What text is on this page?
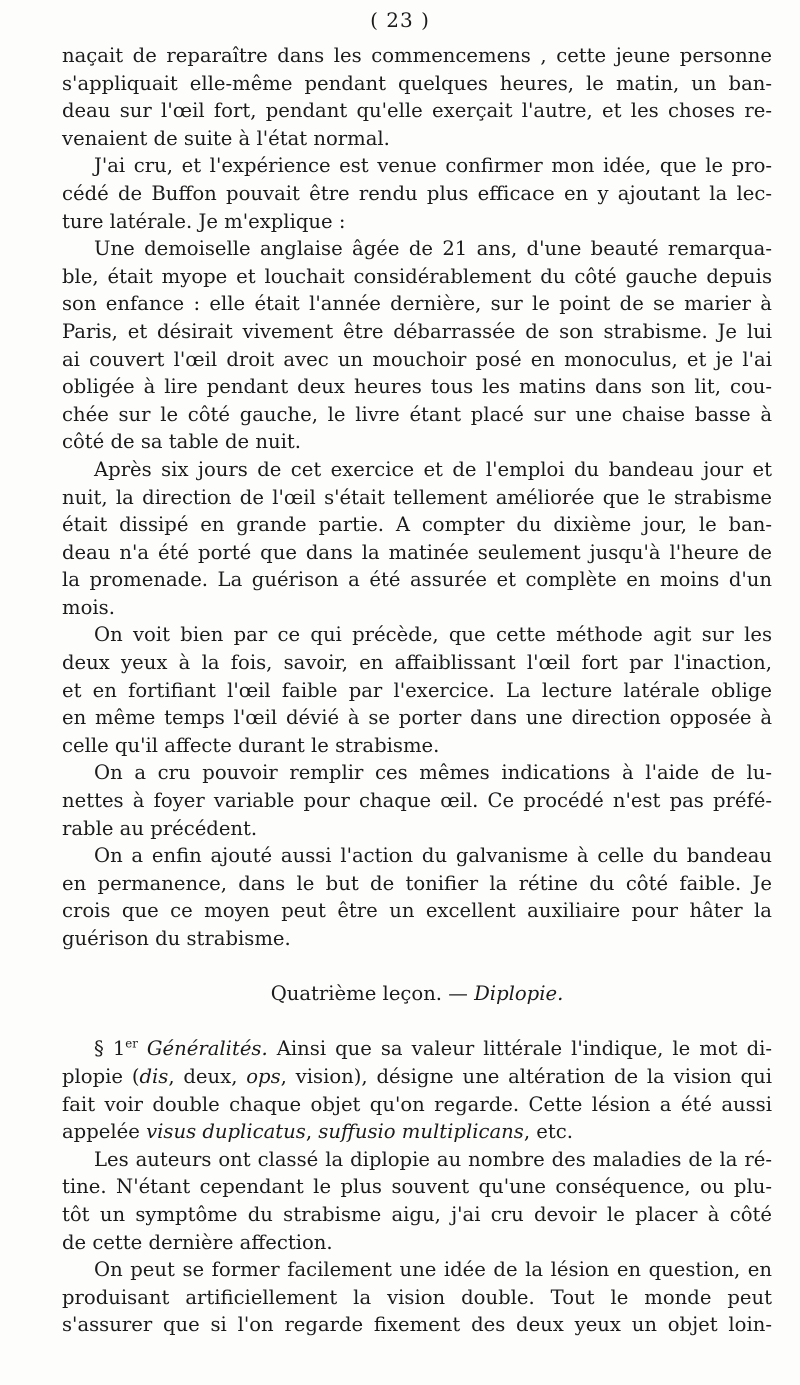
( 23 )
naçait de reparaître dans les commencemens , cette jeune personne
s'appliquait elle-même pendant quelques heures, le matin, un ban-
deau sur l'œil fort, pendant qu'elle exerçait l'autre, et les choses re-
venaient de suite à l'état normal.
J'ai cru, et l'expérience est venue confirmer mon idée, que le pro-
cédé de Buffon pouvait être rendu plus efficace en y ajoutant la lec-
ture latérale. Je m'explique :
Une demoiselle anglaise âgée de 21 ans, d'une beauté remarqua-
ble, était myope et louchait considérablement du côté gauche depuis
son enfance : elle était l'année dernière, sur le point de se marier à
Paris, et désirait vivement être débarrassée de son strabisme. Je lui
ai couvert l'œil droit avec un mouchoir posé en monoculus, et je l'ai
obligée à lire pendant deux heures tous les matins dans son lit, cou-
chée sur le côté gauche, le livre étant placé sur une chaise basse à
côté de sa table de nuit.
Après six jours de cet exercice et de l'emploi du bandeau jour et
nuit, la direction de l'œil s'était tellement améliorée que le strabisme
était dissipé en grande partie. A compter du dixième jour, le ban-
deau n'a été porté que dans la matinée seulement jusqu'à l'heure de
la promenade. La guérison a été assurée et complète en moins d'un
mois.
On voit bien par ce qui précède, que cette méthode agit sur les
deux yeux à la fois, savoir, en affaiblissant l'œil fort par l'inaction,
et en fortifiant l'œil faible par l'exercice. La lecture latérale oblige
en même temps l'œil dévié à se porter dans une direction opposée à
celle qu'il affecte durant le strabisme.
On a cru pouvoir remplir ces mêmes indications à l'aide de lu-
nettes à foyer variable pour chaque œil. Ce procédé n'est pas préfé-
rable au précédent.
On a enfin ajouté aussi l'action du galvanisme à celle du bandeau
en permanence, dans le but de tonifier la rétine du côté faible. Je
crois que ce moyen peut être un excellent auxiliaire pour hâter la
guérison du strabisme.
Quatrième leçon. — Diplopie.
§ 1er Généralités. Ainsi que sa valeur littérale l'indique, le mot di-
plopie (dis, deux, ops, vision), désigne une altération de la vision qui
fait voir double chaque objet qu'on regarde. Cette lésion a été aussi
appelée visus duplicatus, suffusio multiplicans, etc.
Les auteurs ont classé la diplopie au nombre des maladies de la ré-
tine. N'étant cependant le plus souvent qu'une conséquence, ou plu-
tôt un symptôme du strabisme aigu, j'ai cru devoir le placer à côté
de cette dernière affection.
On peut se former facilement une idée de la lésion en question, en
produisant artificiellement la vision double. Tout le monde peut
s'assurer que si l'on regarde fixement des deux yeux un objet loin-
